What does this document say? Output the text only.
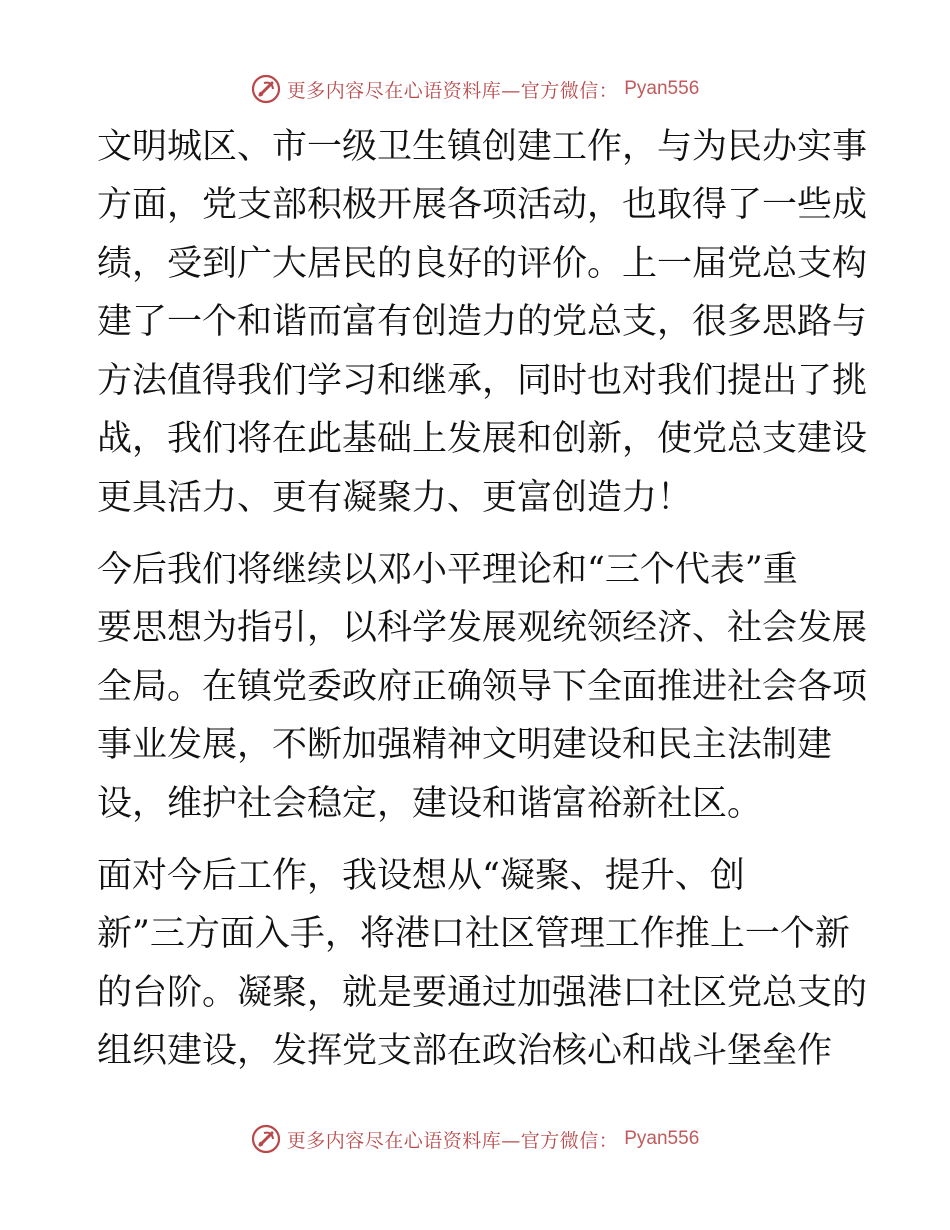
更多内容尽在心语资料库—官方微信： Pyan556
文明城区、市一级卫生镇创建工作，与为民办实事
方面，党支部积极开展各项活动，也取得了一些成
绩，受到广大居民的良好的评价。上一届党总支构
建了一个和谐而富有创造力的党总支，很多思路与
方法值得我们学习和继承，同时也对我们提出了挑
战，我们将在此基础上发展和创新，使党总支建设
更具活力、更有凝聚力、更富创造力！
今后我们将继续以邓小平理论和“三个代表”重
要思想为指引，以科学发展观统领经济、社会发展
全局。在镇党委政府正确领导下全面推进社会各项
事业发展，不断加强精神文明建设和民主法制建
设，维护社会稳定，建设和谐富裕新社区。
面对今后工作，我设想从“凝聚、提升、创
新”三方面入手，将港口社区管理工作推上一个新
的台阶。凝聚，就是要通过加强港口社区党总支的
组织建设，发挥党支部在政治核心和战斗堡垒作
更多内容尽在心语资料库—官方微信： Pyan556
